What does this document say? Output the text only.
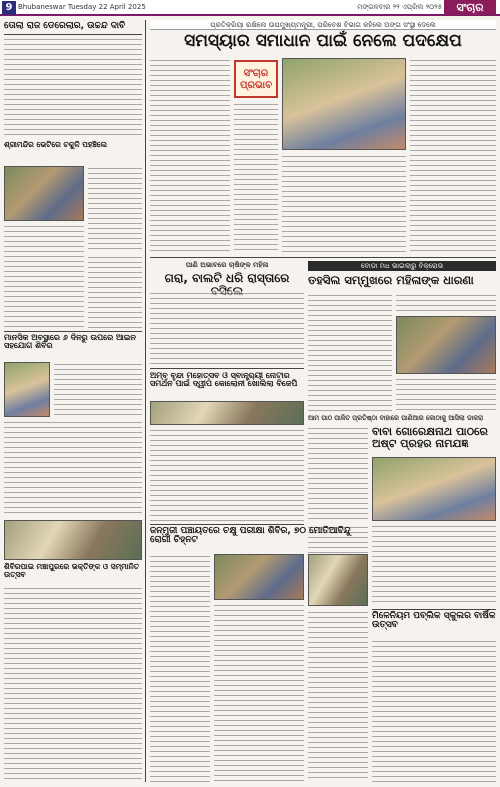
9 Bhubaneswar Tuesday 22 April 2025	ମଙ୍ଗଳବାର ୨୨ ଏପ୍ରିଲ ୨୦୨୫	ସଂଚାର
ତୋଲା ରାଜ ଡେରେଲାର, ଉଚ୍ଚନ୍ଦ ଦାବି
ଶ୍ରୀମନ୍ଦିର ଭେଟିରେ ଚକୁଳି ପହଞ୍ଚିଲେ
ମାନସିକ ଅବସ୍ଥାରେ ୬ ଦିନରୁ ଉପରେ ଆଇନ ସହଯୋଗ ଶିବିର
ଶିବିରପାଇ ମଞ୍ଚାପୁରରେ ଭକ୍ତିଙ୍କ ଓ ସମ୍ମାନିତ ଉତ୍ସବ
ପ୍ରତିକ୍ରିୟା ରକ୍ଷିଲେ ଉପମୁଖ୍ୟମନ୍ତ୍ରୀ, ପରିବେଶ ବିଭାଗ କହିଲେ ଅଙ୍ଗ ସଂସ୍ଥା ଦେଲେ
ସମସ୍ୟାର ସମାଧାନ ପାଇଁ ନେଲେ ପଦକ୍ଷେପ
ସଂଚାର ପ୍ରଭାବ
ପାଣି ଅଭାବରେ ଚାଷିଙ୍କ ମହିଳା
ଗରା, ବାଲଟି ଧରି ରାସ୍ତାରେ
ବୋଡା ମଧ ଭାଇଲାରୁ ବିକ୍ରୋଭ
ତହସିଲ ସମ୍ମୁଖରେ ମହିଳାଙ୍କ ଧାରଣା
ଅମ୍ବ ବୃନ୍ଦା ମହୋତ୍ସବ ଓ ସ୍ବାନ୍ତ୍ର୍ୟୀ ନୋଟାର ସମର୍ଥନ ପାଇଁ ଦ୍ୱୀପ କୋଲୋନୀ ଖୋଲିଲା ବିଜେପି
ଆମ ପାଠ ପାଳିତ ପ୍ରତିଷ୍ଠା ବାହାରେ ପାଣିଆର କୋଠାକୁ ଆସିଲା ଡାକରା
ବାବା ଗୋରେକ୍ଷନାଥ ପାଠରେ ଅଷ୍ଟ ପ୍ରହର ନାମଯଜ୍ଞ
ଜନ୍ମୁଜୀ ପଞ୍ଚାୟତରେ ଚକ୍ଷୁ ପରୀକ୍ଷା ଶିବିର, ୭୦ ମୋତିଆବିନ୍ଦୁ ରୋଗୀ ଚିହ୍ନଟ
ମିଳେନିୟମ ପବ୍ଲିକ ସ୍କୁଲର ବାର୍ଷିକ ଉତ୍ସବ
